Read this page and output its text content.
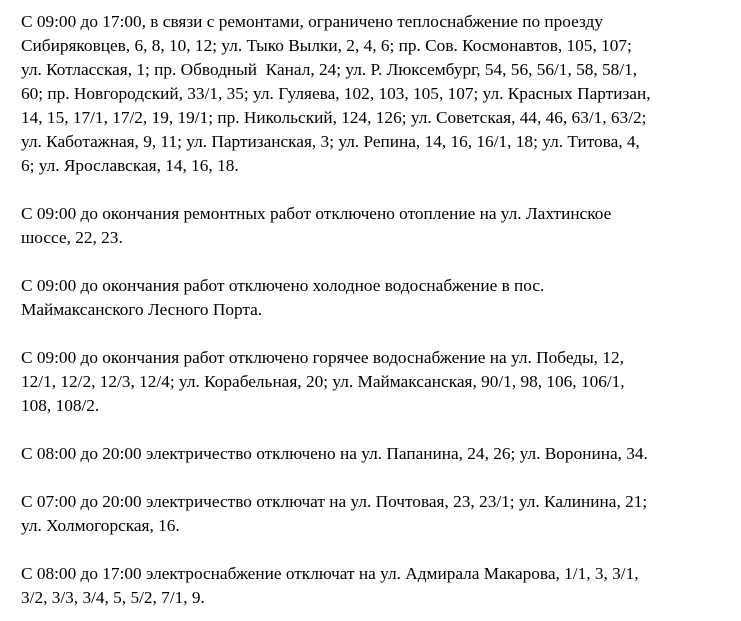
С 09:00 до 17:00, в связи с ремонтами, ограничено теплоснабжение по проезду
Сибиряковцев, 6, 8, 10, 12; ул. Тыко Вылки, 2, 4, 6; пр. Сов. Космонавтов, 105, 107;
ул. Котласская, 1; пр. Обводный  Канал, 24; ул. Р. Люксембург, 54, 56, 56/1, 58, 58/1,
60; пр. Новгородский, 33/1, 35; ул. Гуляева, 102, 103, 105, 107; ул. Красных Партизан,
14, 15, 17/1, 17/2, 19, 19/1; пр. Никольский, 124, 126; ул. Советская, 44, 46, 63/1, 63/2;
ул. Каботажная, 9, 11; ул. Партизанская, 3; ул. Репина, 14, 16, 16/1, 18; ул. Титова, 4,
6; ул. Ярославская, 14, 16, 18.

С 09:00 до окончания ремонтных работ отключено отопление на ул. Лахтинское
шоссе, 22, 23.

С 09:00 до окончания работ отключено холодное водоснабжение в пос.
Маймаксанского Лесного Порта.

С 09:00 до окончания работ отключено горячее водоснабжение на ул. Победы, 12,
12/1, 12/2, 12/3, 12/4; ул. Корабельная, 20; ул. Маймаксанская, 90/1, 98, 106, 106/1,
108, 108/2.

С 08:00 до 20:00 электричество отключено на ул. Папанина, 24, 26; ул. Воронина, 34.

С 07:00 до 20:00 электричество отключат на ул. Почтовая, 23, 23/1; ул. Калинина, 21;
ул. Холмогорская, 16.

С 08:00 до 17:00 электроснабжение отключат на ул. Адмирала Макарова, 1/1, 3, 3/1,
3/2, 3/3, 3/4, 5, 5/2, 7/1, 9.
